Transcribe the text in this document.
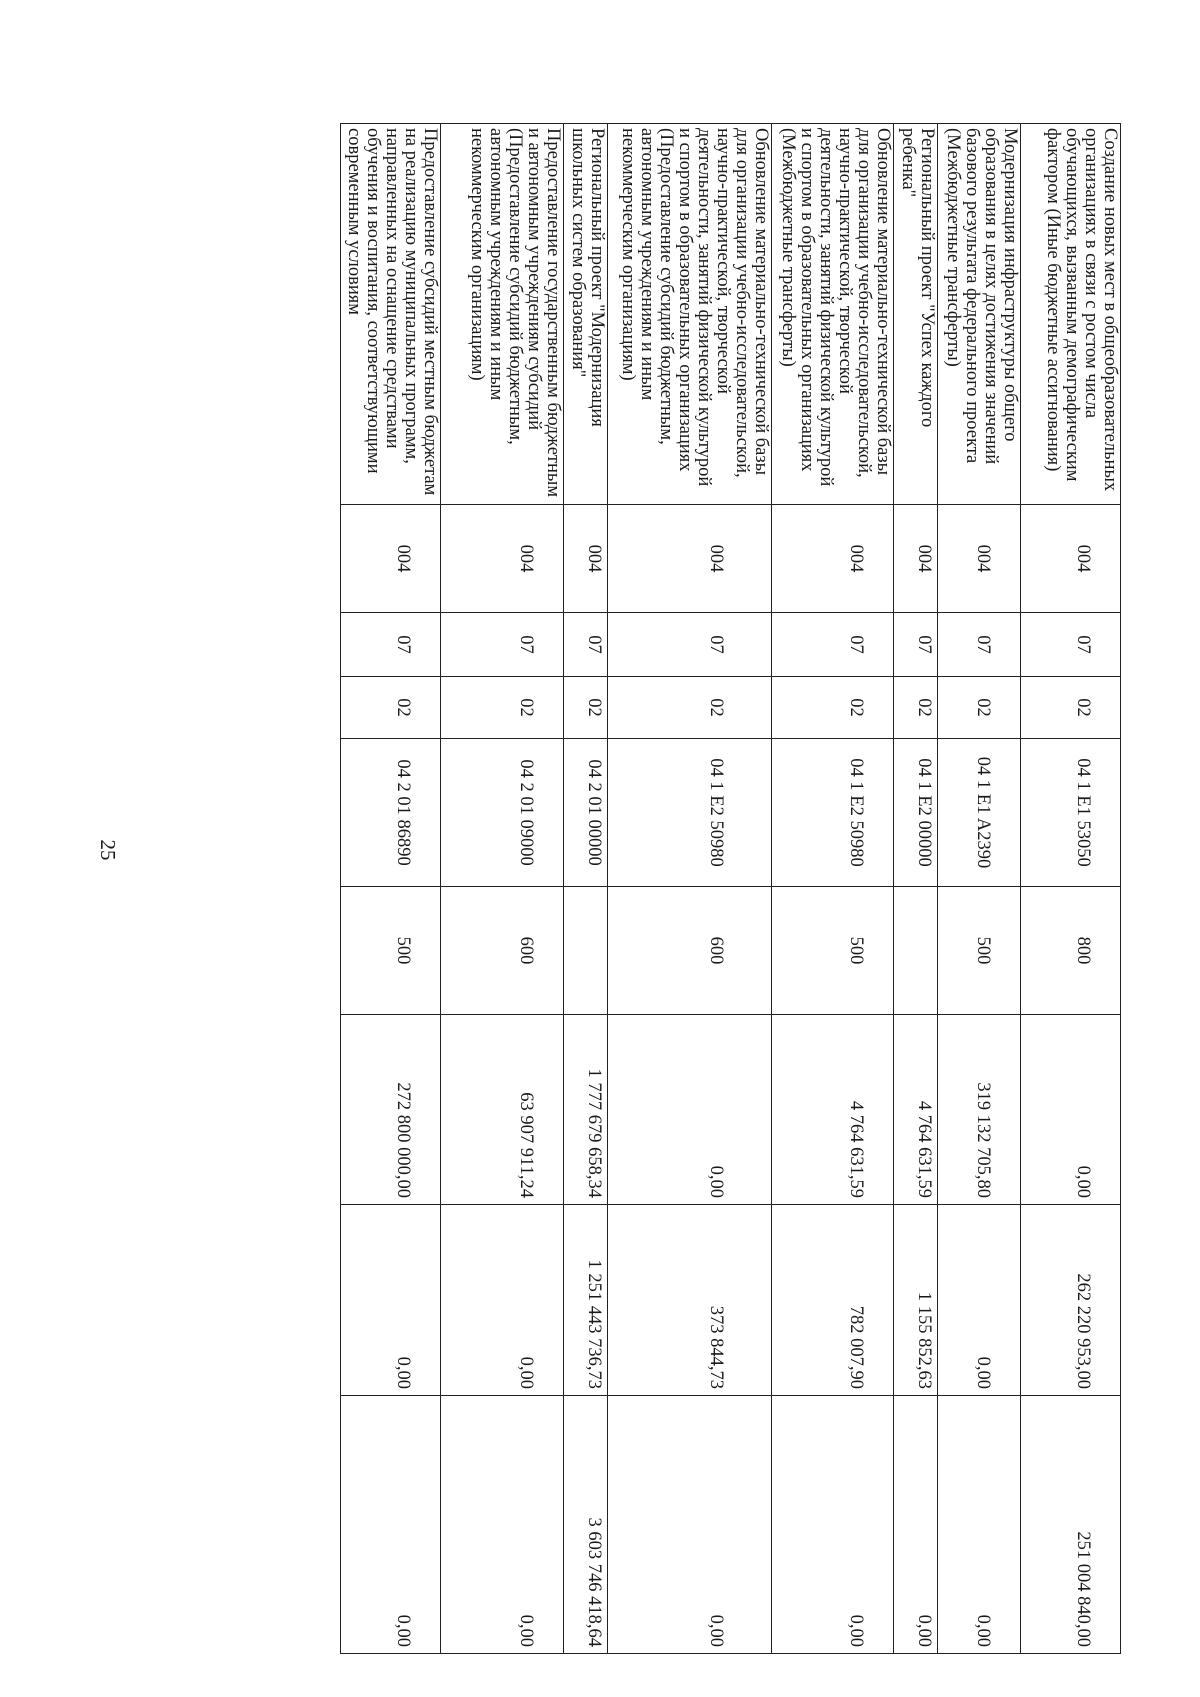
25
Создание новых мест в общеобразовательных организациях в связи с ростом числа обучающихся, вызванным демографическим фактором (Иные бюджетные ассигнования)	004	07	02	04 1 E1 53050	800	0,00	262 220 953,00	251 004 840,00
Модернизация инфраструктуры общего образования в целях достижения значений базового результата федерального проекта (Межбюджетные трансферты)	004	07	02	04 1 E1 A2390	500	319 132 705,80	0,00	0,00
Региональный проект "Успех каждого ребенка"	004	07	02	04 1 E2 00000		4 764 631,59	1 155 852,63	0,00
Обновление материально-технической базы для организации учебно-исследовательской, научно-практической, творческой деятельности, занятий физической культурой и спортом в образовательных организациях (Межбюджетные трансферты)	004	07	02	04 1 E2 50980	500	4 764 631,59	782 007,90	0,00
Обновление материально-технической базы для организации учебно-исследовательской, научно-практической, творческой деятельности, занятий физической культурой и спортом в образовательных организациях (Предоставление субсидий бюджетным, автономным учреждениям и иным некоммерческим организациям)	004	07	02	04 1 E2 50980	600	0,00	373 844,73	0,00
Региональный проект "Модернизация школьных систем образования"	004	07	02	04 2 01 00000		1 777 679 658,34	1 251 443 736,73	3 603 746 418,64
Предоставление государственным бюджетным и автономным учреждениям субсидий (Предоставление субсидий бюджетным, автономным учреждениям и иным некоммерческим организациям)	004	07	02	04 2 01 09000	600	63 907 911,24	0,00	0,00
Предоставление субсидий местным бюджетам на реализацию муниципальных программ, направленных на оснащение средствами обучения и воспитания, соответствующими современным условиям	004	07	02	04 2 01 86890	500	272 800 000,00	0,00	0,00
